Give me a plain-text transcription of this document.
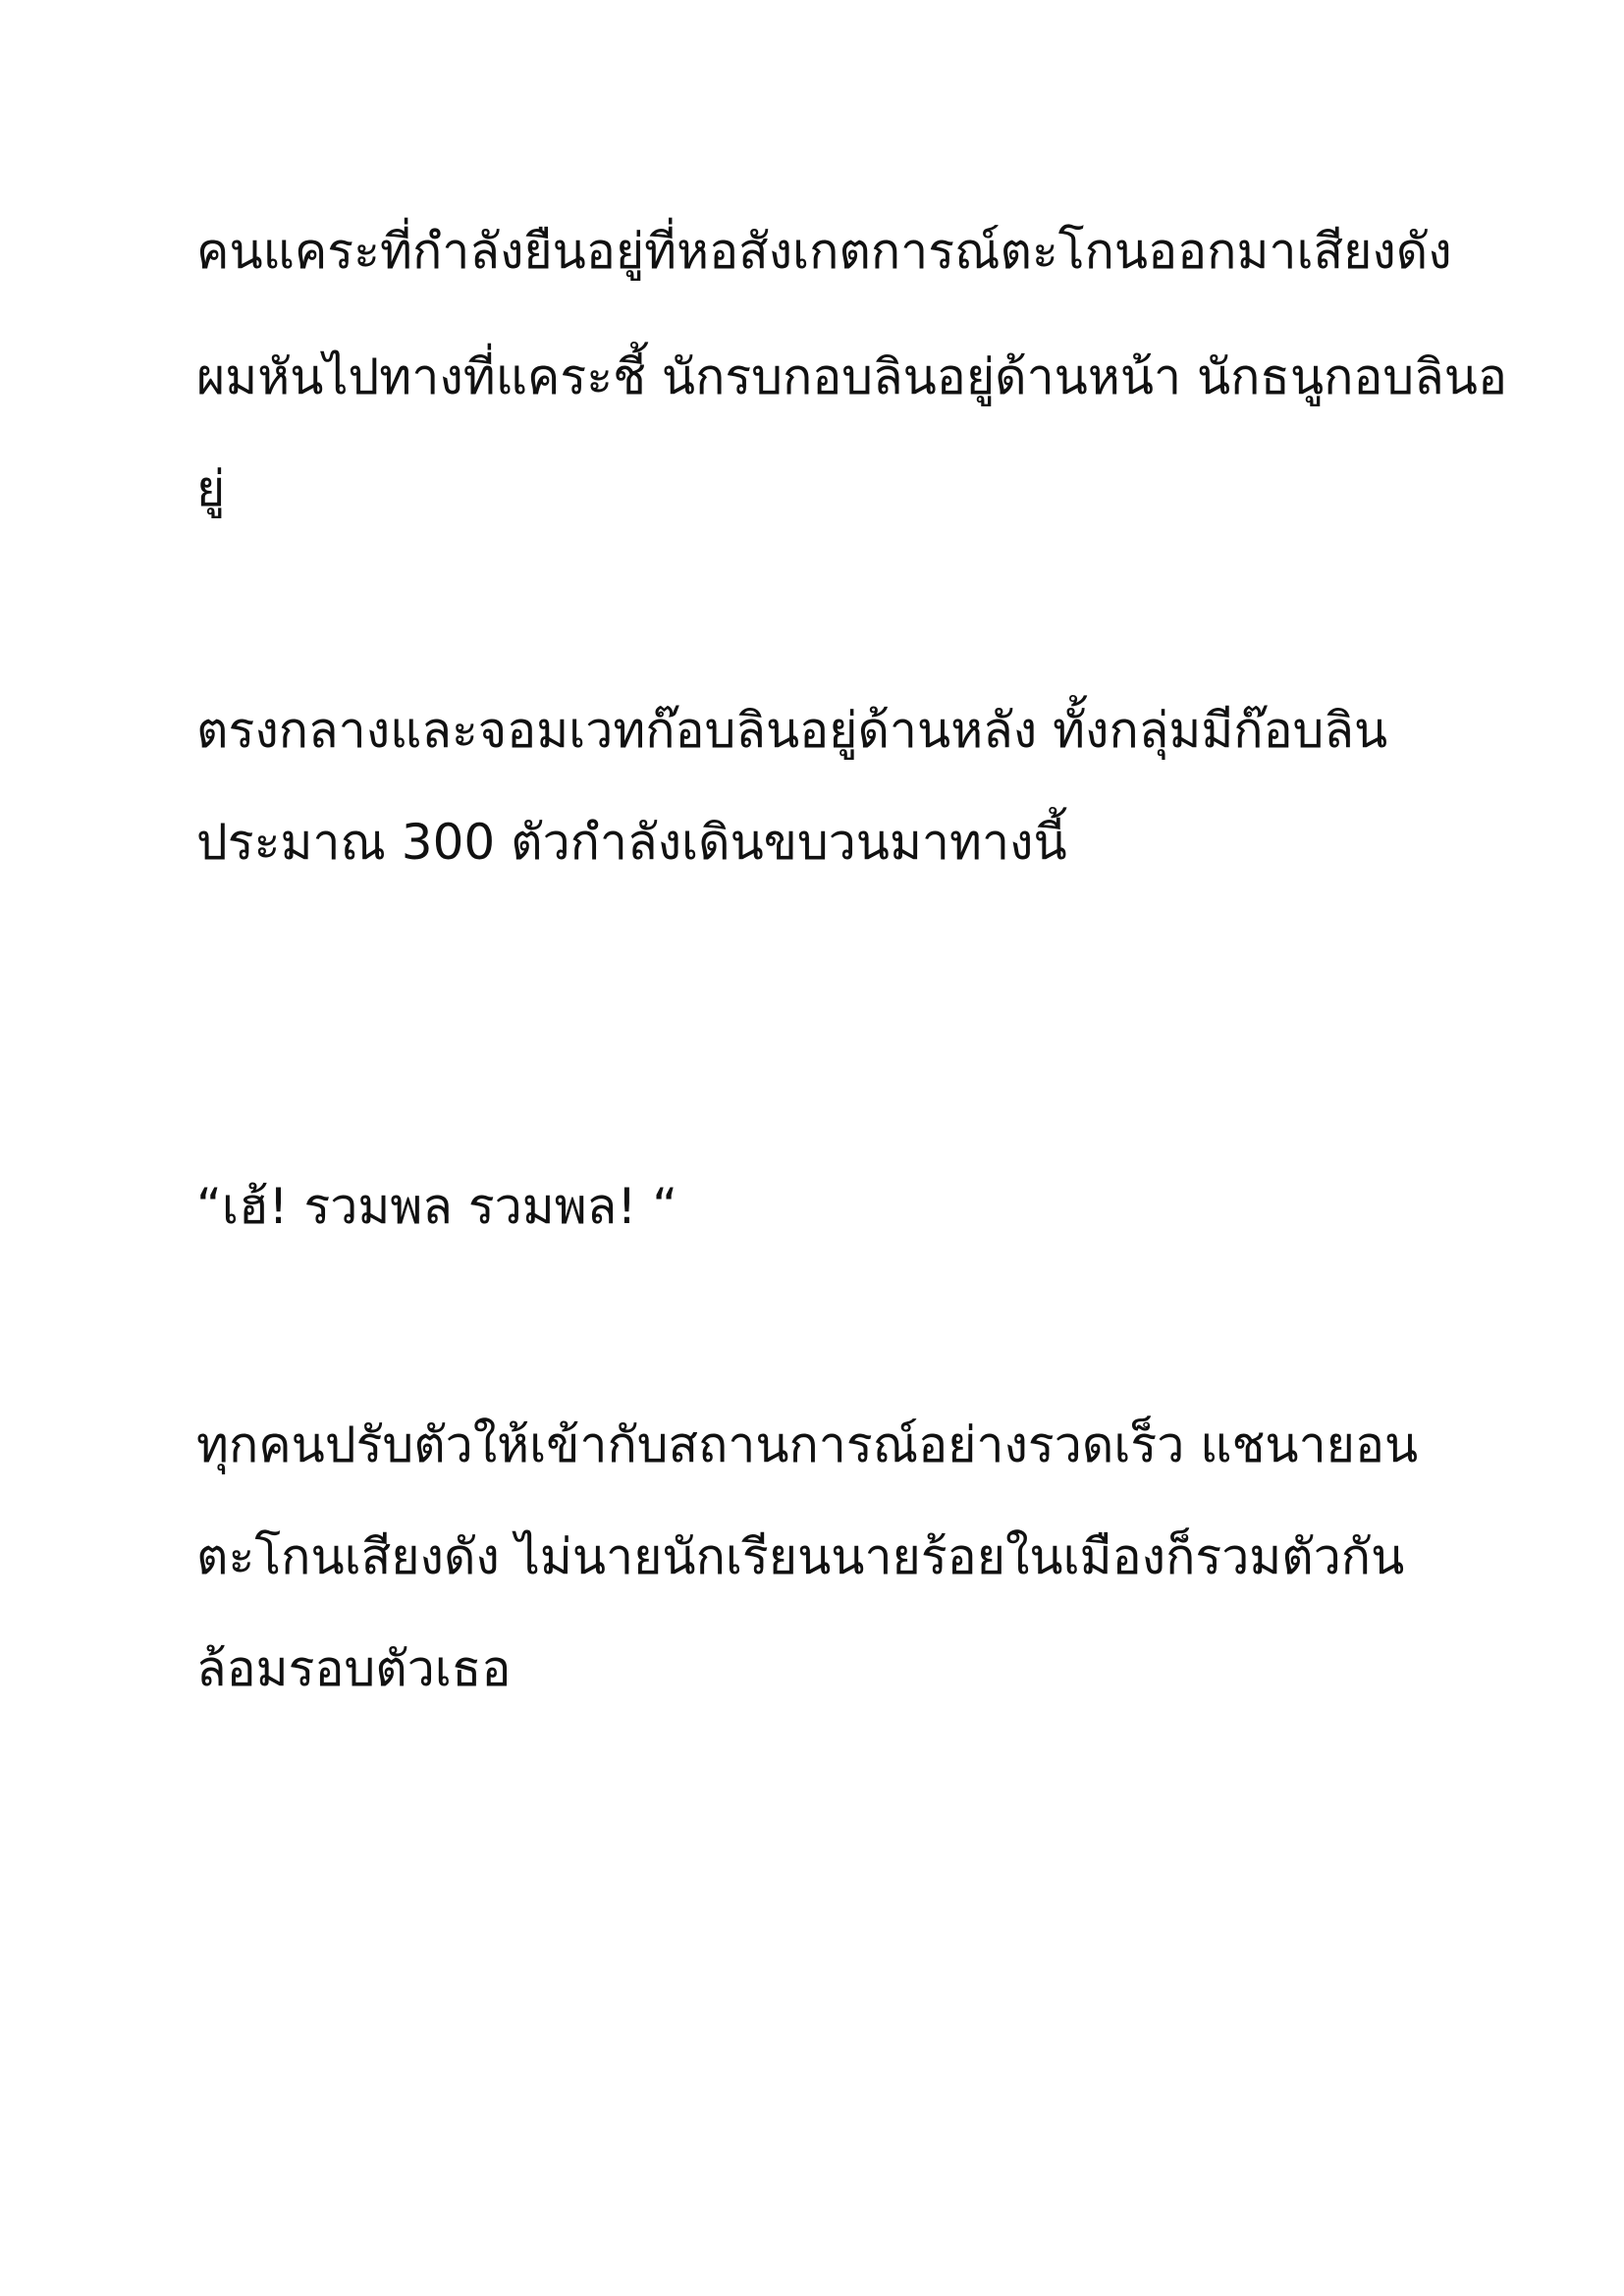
คนแคระที่กำลังยืนอยู่ที่หอสังเกตการณ์ตะโกนออกมาเสียงดัง
ผมหันไปทางที่แคระชี้ นักรบกอบลินอยู่ด้านหน้า นักธนูกอบลินอ
ยู่
ตรงกลางและจอมเวทก๊อบลินอยู่ด้านหลัง ทั้งกลุ่มมีก๊อบลิน
ประมาณ 300 ตัวกำลังเดินขบวนมาทางนี้
“เฮ้! รวมพล รวมพล! “
ทุกคนปรับตัวให้เข้ากับสถานการณ์อย่างรวดเร็ว แชนายอน
ตะโกนเสียงดัง ไม่นายนักเรียนนายร้อยในเมืองก็รวมตัวกัน
ล้อมรอบตัวเธอ
